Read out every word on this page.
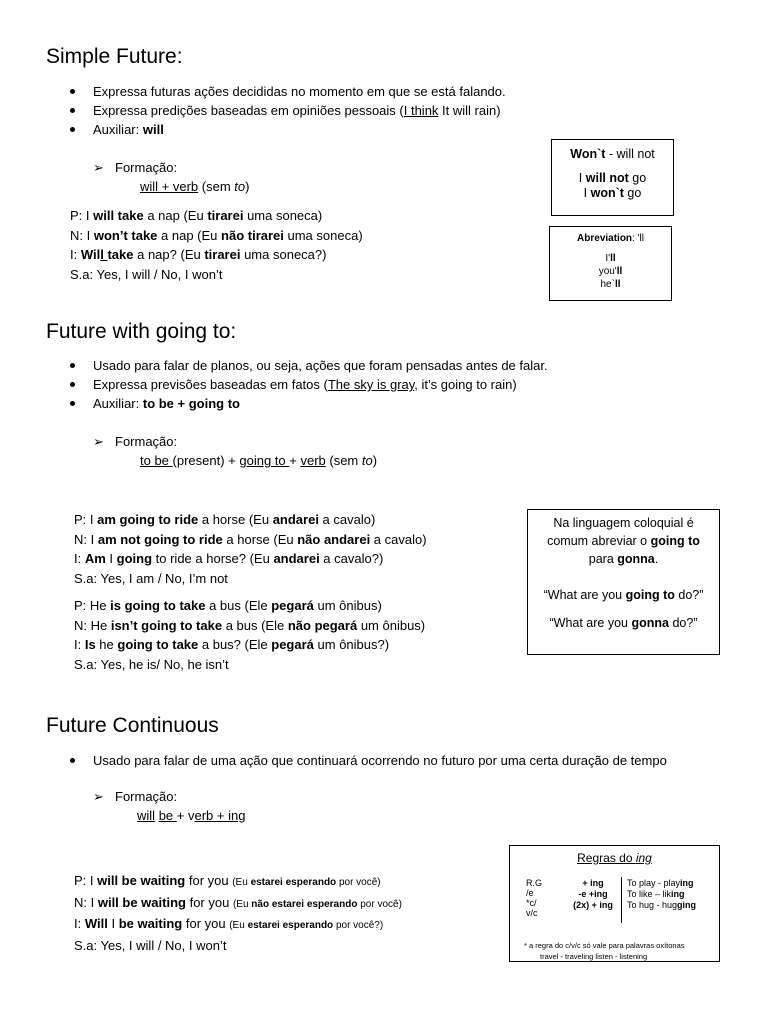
Simple Future:
Expressa futuras ações decididas no momento em que se está falando.
Expressa predições baseadas em opiniões pessoais (I think It will rain)
Auxiliar: will
➢ Formação:
will + verb (sem to)
P: I will take a nap (Eu tirarei uma soneca)
N: I won’t take a nap (Eu não tirarei uma soneca)
I: Will take a nap? (Eu tirarei uma soneca?)
S.a: Yes, I will / No, I won’t
Won`t - will not
I will not go
I won`t go
Abreviation: 'll
I'll
you'll
he`ll
Future with going to:
Usado para falar de planos, ou seja, ações que foram pensadas antes de falar.
Expressa previsões baseadas em fatos (The sky is gray, it’s going to rain)
Auxiliar: to be + going to
➢ Formação:
to be (present) + going to + verb (sem to)
P: I am going to ride a horse (Eu andarei a cavalo)
N: I am not going to ride a horse (Eu não andarei a cavalo)
I: Am I going to ride a horse? (Eu andarei a cavalo?)
S.a: Yes, I am / No, I’m not
P: He is going to take a bus (Ele pegará um ônibus)
N: He isn’t going to take a bus (Ele não pegará um ônibus)
I: Is he going to take a bus? (Ele pegará um ônibus?)
S.a: Yes, he is/ No, he isn’t
Na linguagem coloquial é
comum abreviar o going to
para gonna.
“What are you going to do?”
“What are you gonna do?”
Future Continuous
Usado para falar de uma ação que continuará ocorrendo no futuro por uma certa duração de tempo
➢ Formação:
will be + verb + ing
P: I will be waiting for you (Eu estarei esperando por você)
N: I will be waiting for you (Eu não estarei esperando por você)
I: Will I be waiting for you (Eu estarei esperando por você?)
S.a: Yes, I will / No, I won’t
Regras do ing
R.G
/e
*c/
v/c
+ ing
-e +ing
(2x) + ing
To play - playing
To like – liking
To hug - hugging
* a regra do c/v/c só vale para palavras oxítonas
travel - traveling listen - listening
